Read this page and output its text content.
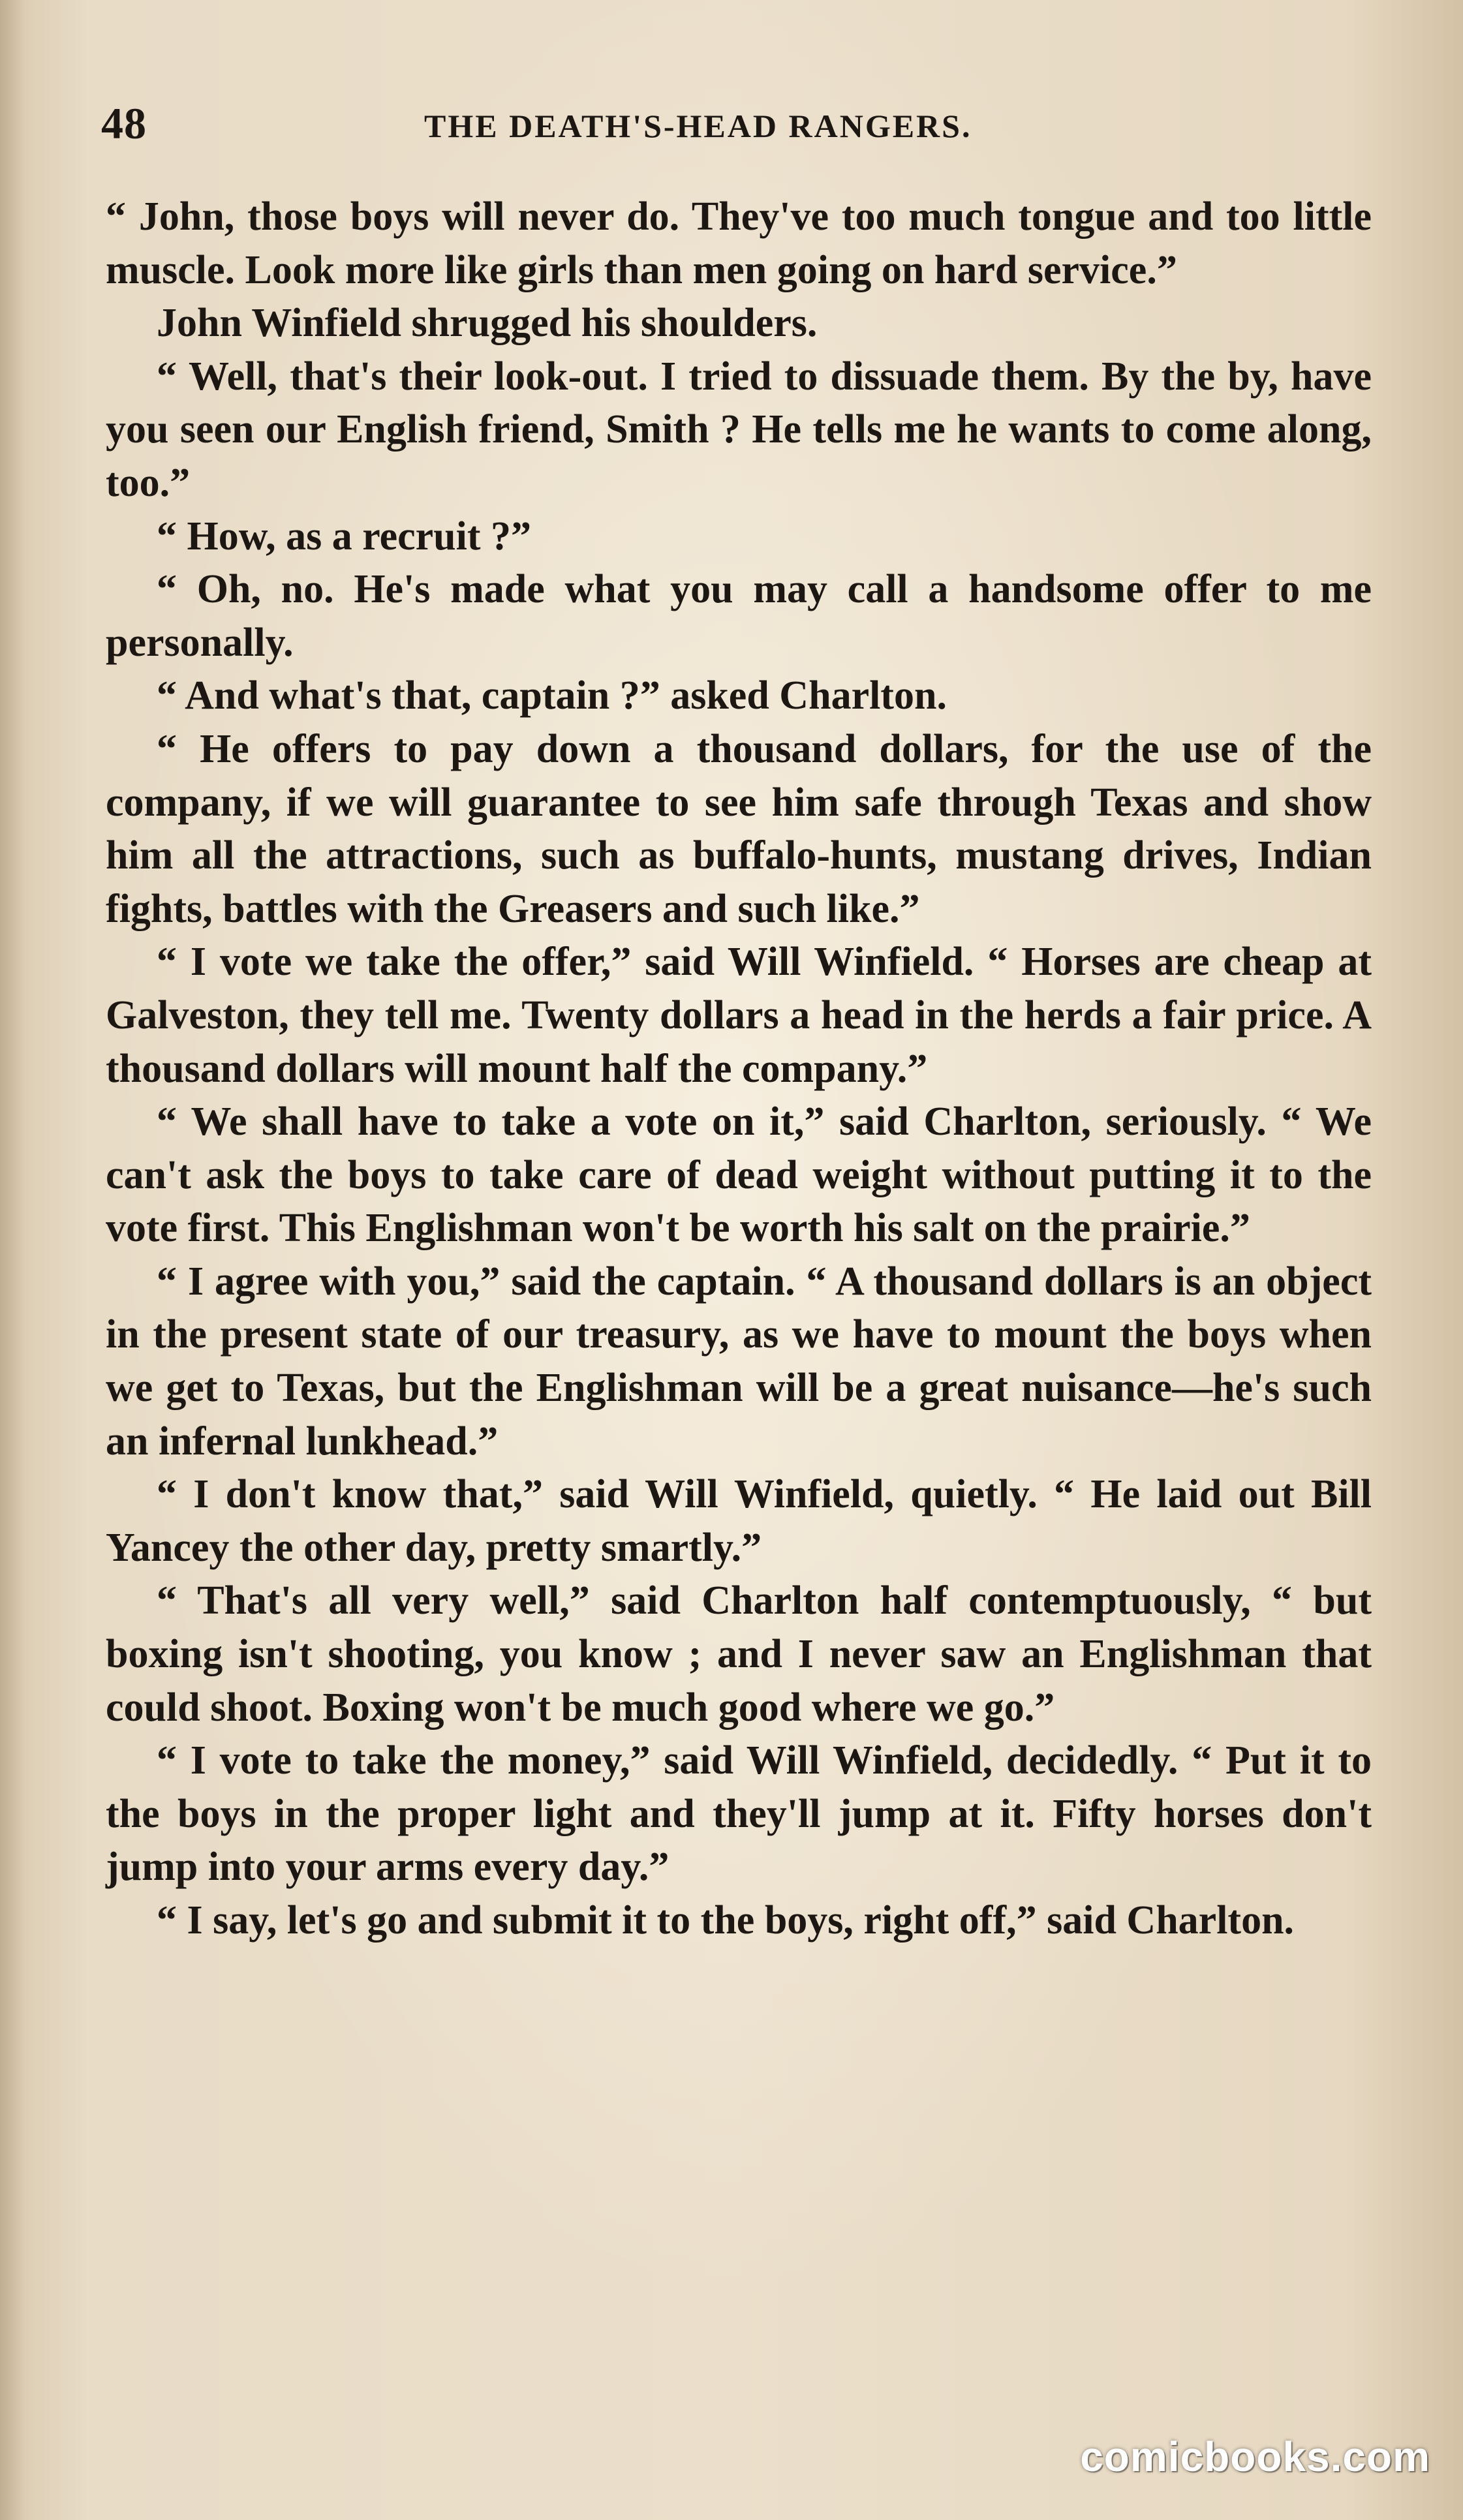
48	THE DEATH'S-HEAD RANGERS.

“ John, those boys will never do. They've too much tongue and too little muscle. Look more like girls than men going on hard service.”

John Winfield shrugged his shoulders.

“ Well, that's their look-out. I tried to dissuade them. By the by, have you seen our English friend, Smith ? He tells me he wants to come along, too.”

“ How, as a recruit ?”

“ Oh, no. He's made what you may call a handsome offer to me personally.

“ And what's that, captain ?” asked Charlton.

“ He offers to pay down a thousand dollars, for the use of the company, if we will guarantee to see him safe through Texas and show him all the attractions, such as buffalo-hunts, mustang drives, Indian fights, battles with the Greasers and such like.”

“ I vote we take the offer,” said Will Winfield. “ Horses are cheap at Galveston, they tell me. Twenty dollars a head in the herds a fair price. A thousand dollars will mount half the company.”

“ We shall have to take a vote on it,” said Charlton, seriously. “ We can't ask the boys to take care of dead weight without putting it to the vote first. This Englishman won't be worth his salt on the prairie.”

“ I agree with you,” said the captain. “ A thousand dollars is an object in the present state of our treasury, as we have to mount the boys when we get to Texas, but the Englishman will be a great nuisance—he's such an infernal lunkhead.”

“ I don't know that,” said Will Winfield, quietly. “ He laid out Bill Yancey the other day, pretty smartly.”

“ That's all very well,” said Charlton half contemptuously, “ but boxing isn't shooting, you know ; and I never saw an Englishman that could shoot. Boxing won't be much good where we go.”

“ I vote to take the money,” said Will Winfield, decidedly. “ Put it to the boys in the proper light and they'll jump at it. Fifty horses don't jump into your arms every day.”

“ I say, let's go and submit it to the boys, right off,” said Charlton.

comicbooks.com
